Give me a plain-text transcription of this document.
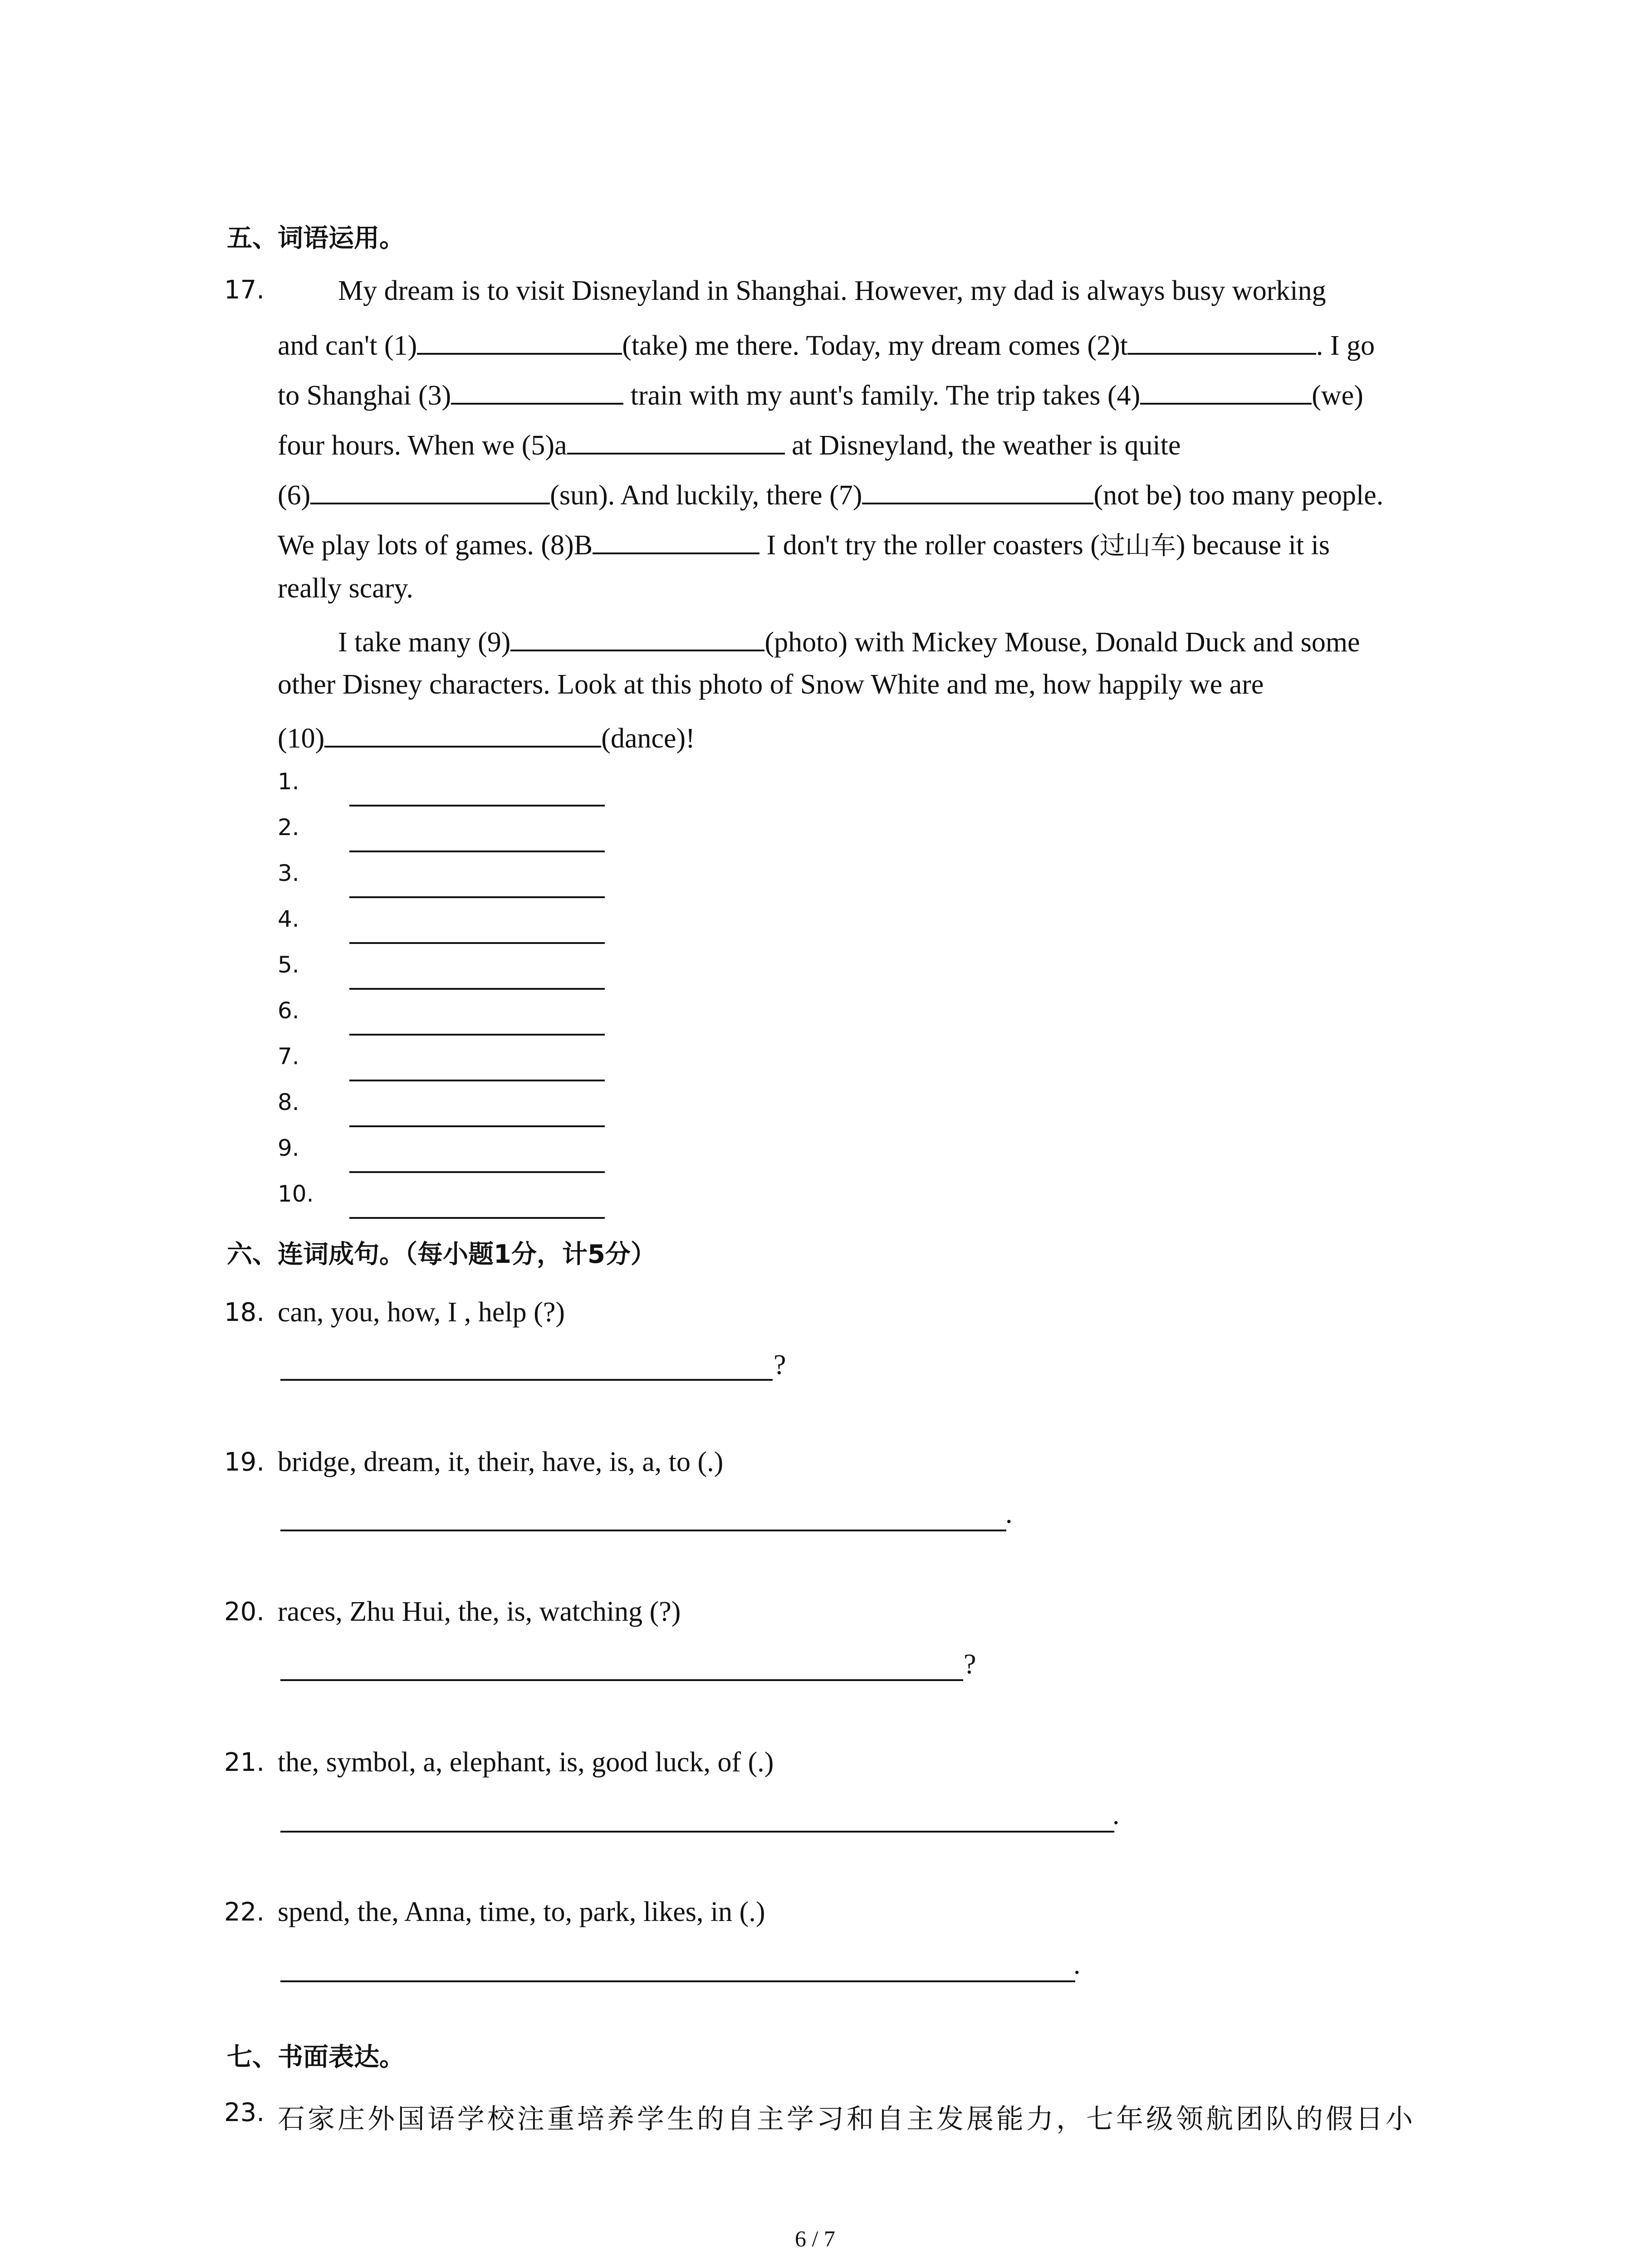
五、词语运用。
17.	My dream is to visit Disneyland in Shanghai. However, my dad is always busy working
and can't (1)	(take) me there. Today, my dream comes (2)t	. I go
to Shanghai (3)	train with my aunt's family. The trip takes (4)	(we)
four hours. When we (5)a	at Disneyland, the weather is quite
(6)	(sun). And luckily, there (7)	(not be) too many people.
We play lots of games. (8)B	I don't try the roller coasters (过山车) because it is
really scary.
I take many (9)	(photo) with Mickey Mouse, Donald Duck and some
other Disney characters. Look at this photo of Snow White and me, how happily we are
(10)	(dance)!
1.
2.
3.
4.
5.
6.
7.
8.
9.
10.
六、连词成句。（每小题1分，计5分）
18. can, you, how, I , help (?)
?
19. bridge, dream, it, their, have, is, a, to (.)
.
20. races, Zhu Hui, the, is, watching (?)
?
21. the, symbol, a, elephant, is, good luck, of (.)
.
22. spend, the, Anna, time, to, park, likes, in (.)
.
七、书面表达。
23. 石家庄外国语学校注重培养学生的自主学习和自主发展能力，七年级领航团队的假日小
6 / 7
